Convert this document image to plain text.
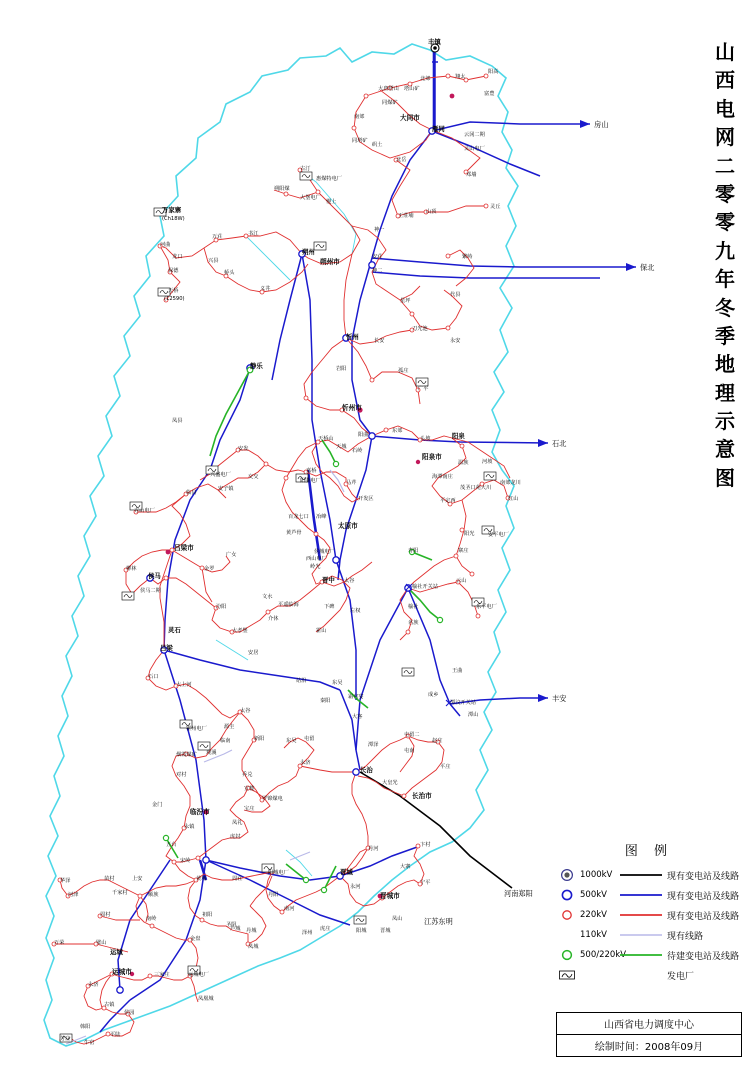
房山
保北
石北
丰安
江苏东明
河南郑阳
丰镇
北郊	翔太
阳高
大唐塔山 塔山矿
富豊
南郊
同煤矿
同塔矿
矾土
雁同
大同市
云冈二期
灵山电厂
北岳
邓墙
古汀
朔阳煤
惠煤特电厂
万家寨
(Ch18W)
大堡电厂
慢上
山顶
王莊埔
万荘	书江
河曲
朔州
朔州市
神一
安荘
神二
灵丘
繁峙
龙口
保德
兴县
桥头
天桥
(12590)
义井
星坪
代县
忻州	长安
刀光池
永安
静乐	岩阳
广平
孤庄
忻州市
凤县
阳曲
东郊
天桥山
天城
石岭
阳泉
头坡
温族	河坡
阳泉市
安发
兴盛电厂	交交
安子镇
嘉桥
马芹
开发区
阳曲电厂	南郊龙川
红山
茂圣口苑大川
海潭南庄
平定西
阳光
寨庄
安平电厂
临县
方山电厂
百龙七口 冶峰
太原市
吕梁市
黄芦骨
广女
金罗
柳林
侯城电厂
西山电厂
岭光
寿阳
云山
榆社开关站
侯马
侯马二期
汾阳
文水
平遥临海
晋中 太谷
下碑
介休
榆社	乐平电厂
左权
名族
霍山
灵石	大孝堡
安居
吕梁
石口
大上河
王曲
成乡
潭汶开关站
潭山
站沿	东吴
霜官宴
秦阳
大客
太谷
霍州电厂	源圭
临南
烟霞煤矿 观溪
新阳	东吴 屯留
潭泽
屯留二
屯南
赵庄
平庄
对村	乔兑
永济
长治
大皇光
长治市
金门
临汾市
永镇
宣榄
罗锦煤电
宝庄
五台
凤礼
虎封
晋城
阳城电厂
丹河
晋城市
卞村
大寨
宁平
永河
宋岭
华泽
河津
苗村	上安
千家村	顺族
黄城	周荘
周村
南岭
祖阳
圣阴
万荣	璧山
金盘
丹阳
南河
凤山
芦城 丹城	泽州
凤城
阳城
虎庄
运城市	三家庄	运城电厂
永济
古镇
凤凰城
韩阳
侯园
芳庄
平陆
牛窑
运城
晋城
山
西
电
网
二
零
零
九
年
冬
季
地
理
示
意
图
图 例
1000kV	现有变电站及线路
500kV	现有变电站及线路
220kV	现有变电站及线路
110kV	现有线路
500/220kV	待建变电站及线路
发电厂
山西省电力调度中心
绘制时间：2008年09月
